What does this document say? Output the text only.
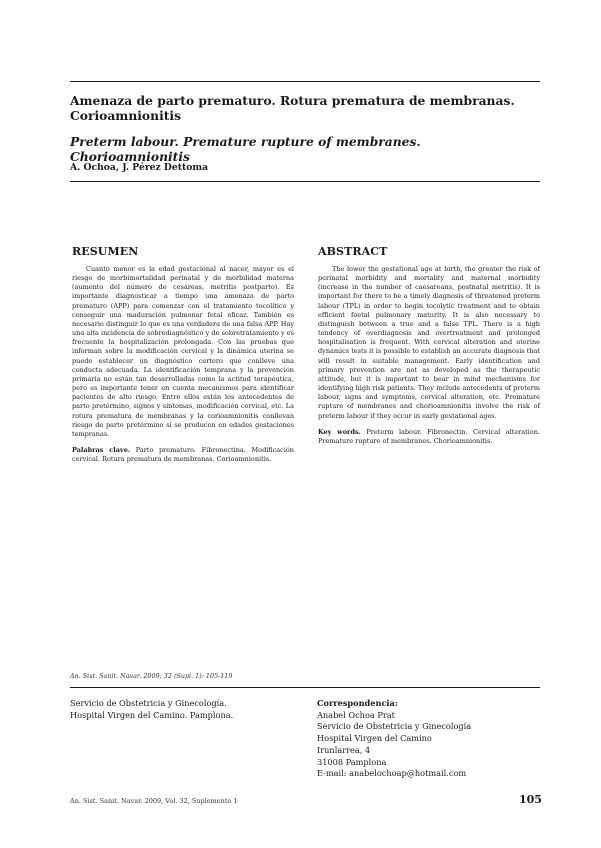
Amenaza de parto prematuro. Rotura prematura de membranas. Corioamnionitis
Preterm labour. Premature rupture of membranes. Chorioamnionitis
A. Ochoa, J. Pérez Dettoma
RESUMEN

Cuanto menor es la edad gestacional al nacer, mayor es el riesgo de morbimortalidad perinatal y de morbilidad materna (aumento del número de cesáreas, metritis postparto). Es importante diagnosticar a tiempo una amenaza de parto prematuro (APP) para comenzar con el tratamiento tocolítico y conseguir una maduración pulmonar fetal eficaz. También es necesario distinguir lo que es una verdadera de una falsa APP. Hay una alta incidencia de sobrediagnóstico y de sobretratamiento y es frecuente la hospitalización prolongada. Con las pruebas que informan sobre la modificación cervical y la dinámica uterina se puede establecer un diagnóstico certero que conlleve una conducta adecuada. La identificación temprana y la prevención primaria no están tan desarrolladas como la actitud terapéutica, pero es importante tener en cuenta mecanismos para identificar pacientes de alto riesgo. Entre ellos están los antecedentes de parto pretérmino, signos y síntomas, modificación cervical, etc. La rotura prematura de membranas y la corioamnionitis conllevan riesgo de parto pretérmino si se producen en edades gestaciones tempranas.

Palabras clave. Parto prematuro. Fibronectina. Modificación cervical. Rotura prematura de membranas. Corioamnionitis.

ABSTRACT

The lower the gestational age at birth, the greater the risk of perinatal morbidity and mortality and maternal morbidity (increase in the number of caesareans, postnatal metritis). It is important for there to be a timely diagnosis of threatened preterm labour (TPL) in order to begin tocolytic treatment and to obtain efficient foetal pulmonary maturity. It is also necessary to distinguish between a true and a false TPL. There is a high tendency of overdiagnosis and overtreatment and prolonged hospitalisation is frequent. With cervical alteration and uterine dynamics tests it is possible to establish an accurate diagnosis that will result in suitable management. Early identification and primary prevention are not as developed as the therapeutic attitude, but it is important to bear in mind mechanisms for identifying high risk patients. They include antecedents of preterm labour, signs and symptoms, cervical alteration, etc. Premature rupture of membranes and chorioamnionitis involve the risk of preterm labour if they occur in early gestational ages.

Key words. Preterm labour. Fibronectin. Cervical alteration. Premature rupture of membranes. Chorioamnionitis.

An. Sist. Sanit. Navar. 2009; 32 (Supl. 1): 105-119
Servicio de Obstetricia y Ginecología.
Hospital Virgen del Camino. Pamplona.
Correspondencia:
Anabel Ochoa Prat
Servicio de Obstetricia y Ginecología
Hospital Virgen del Camino
Irunlarrea, 4
31008 Pamplona
E-mail: anabelochoap@hotmail.com
An. Sist. Sanit. Navar. 2009, Vol. 32, Suplemento 1	105
